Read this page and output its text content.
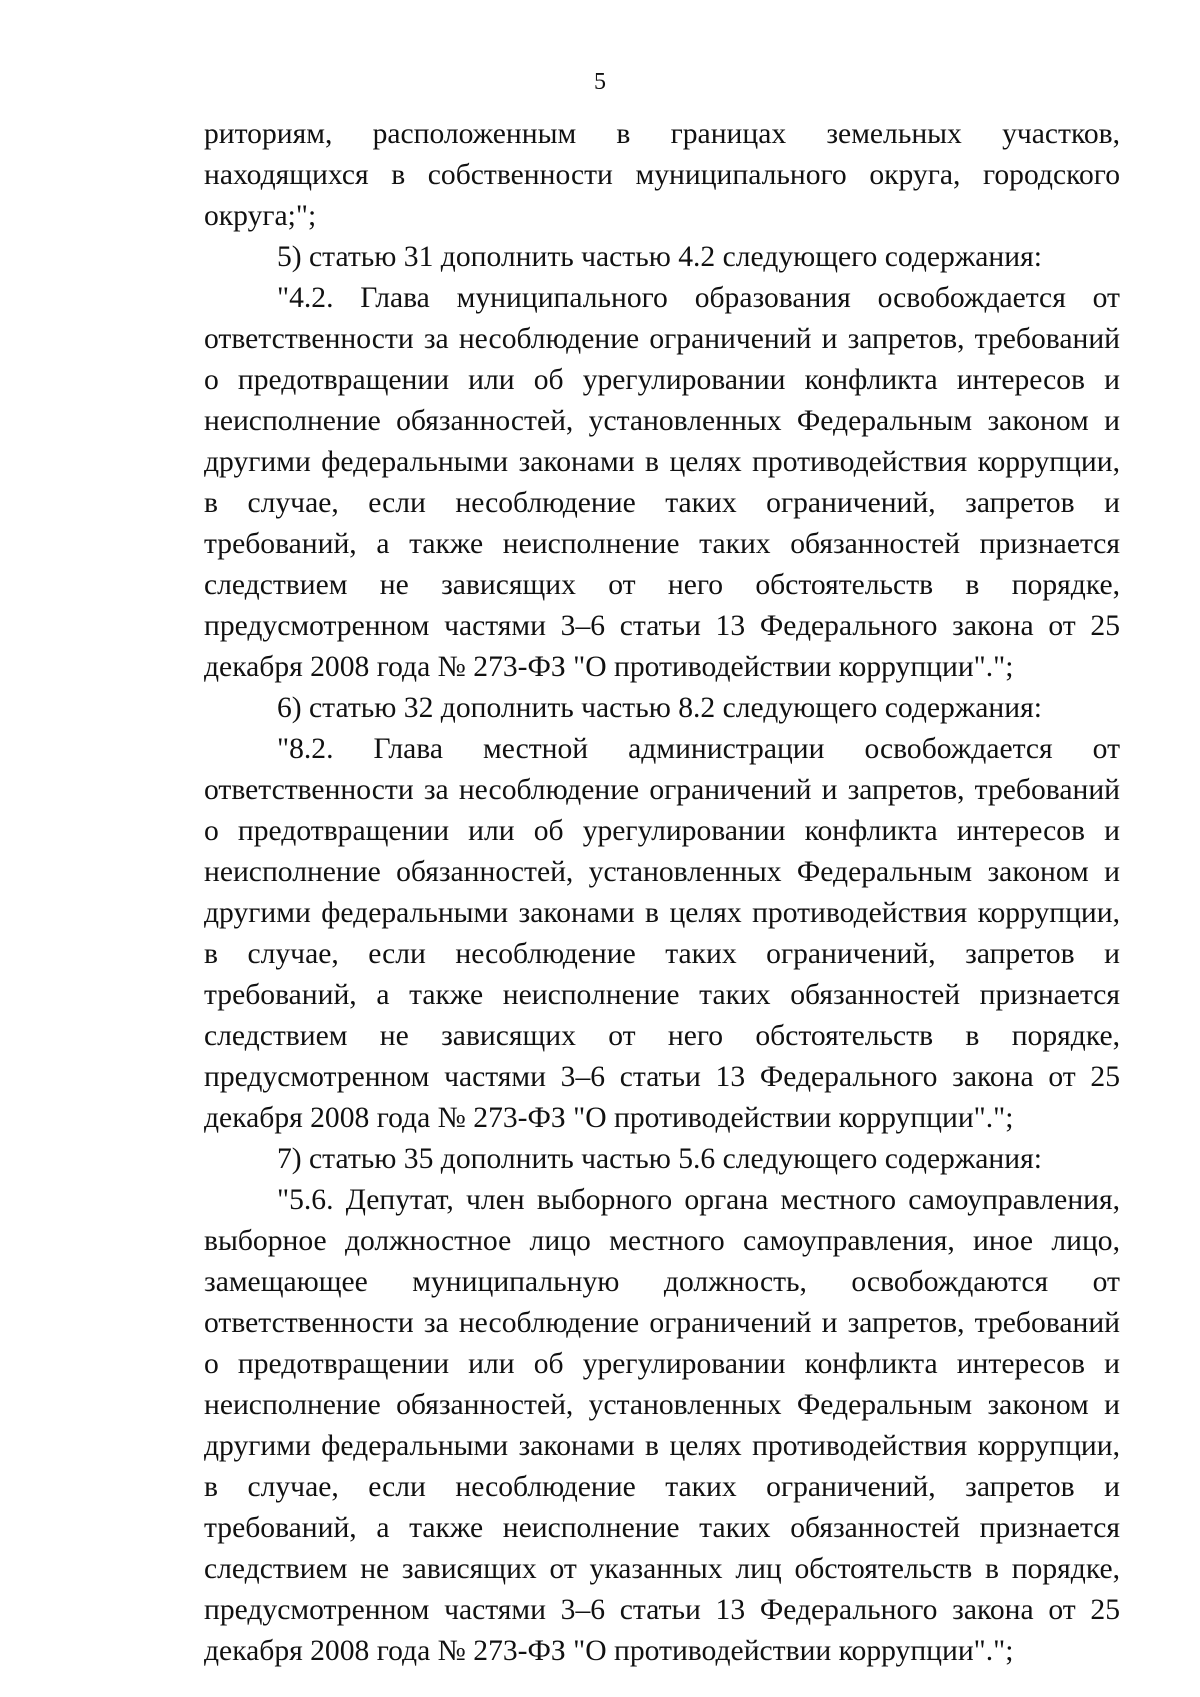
5

риториям, расположенным в границах земельных участков, находящихся в собственности муниципального округа, городского округа;";

5) статью 31 дополнить частью 4.2 следующего содержания:

"4.2. Глава муниципального образования освобождается от ответственности за несоблюдение ограничений и запретов, требований о предотвращении или об урегулировании конфликта интересов и неисполнение обязанностей, установленных Федеральным законом и другими федеральными законами в целях противодействия коррупции, в случае, если несоблюдение таких ограничений, запретов и требований, а также неисполнение таких обязанностей признается следствием не зависящих от него обстоятельств в порядке, предусмотренном частями 3–6 статьи 13 Федерального закона от 25 декабря 2008 года № 273-ФЗ "О противодействии коррупции".";

6) статью 32 дополнить частью 8.2 следующего содержания:

"8.2. Глава местной администрации освобождается от ответственности за несоблюдение ограничений и запретов, требований о предотвращении или об урегулировании конфликта интересов и неисполнение обязанностей, установленных Федеральным законом и другими федеральными законами в целях противодействия коррупции, в случае, если несоблюдение таких ограничений, запретов и требований, а также неисполнение таких обязанностей признается следствием не зависящих от него обстоятельств в порядке, предусмотренном частями 3–6 статьи 13 Федерального закона от 25 декабря 2008 года № 273-ФЗ "О противодействии коррупции".";

7) статью 35 дополнить частью 5.6 следующего содержания:

"5.6. Депутат, член выборного органа местного самоуправления, выборное должностное лицо местного самоуправления, иное лицо, замещающее муниципальную должность, освобождаются от ответственности за несоблюдение ограничений и запретов, требований о предотвращении или об урегулировании конфликта интересов и неисполнение обязанностей, установленных Федеральным законом и другими федеральными законами в целях противодействия коррупции, в случае, если несоблюдение таких ограничений, запретов и требований, а также неисполнение таких обязанностей признается следствием не зависящих от указанных лиц обстоятельств в порядке, предусмотренном частями 3–6 статьи 13 Федерального закона от 25 декабря 2008 года № 273-ФЗ "О противодействии коррупции".";
